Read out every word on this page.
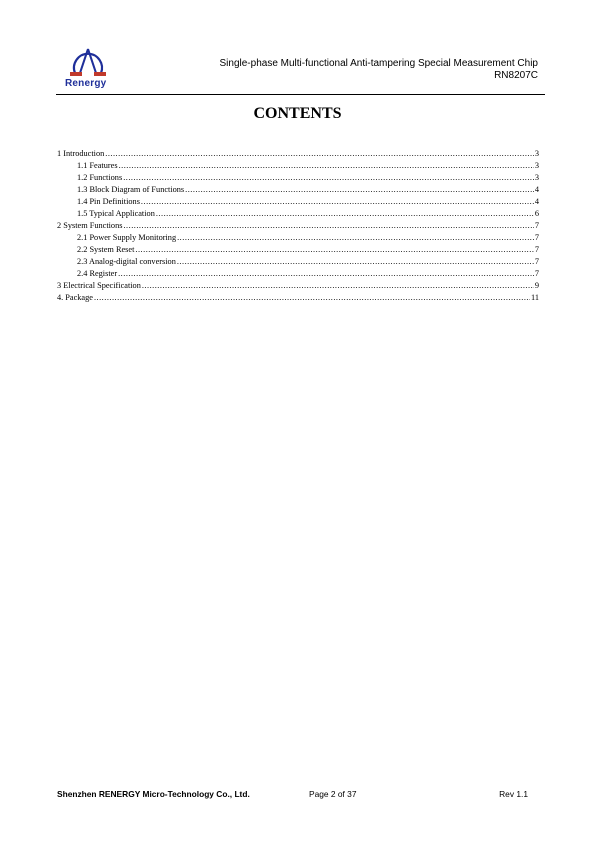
Renergy
Single-phase Multi-functional Anti-tampering Special Measurement Chip
RN8207C
CONTENTS
1 Introduction .....	3
1.1 Features .....	3
1.2 Functions .....	3
1.3 Block Diagram of Functions .....	4
1.4 Pin Definitions .....	4
1.5 Typical Application .....	6
2 System Functions .....	7
2.1 Power Supply Monitoring .....	7
2.2 System Reset .....	7
2.3 Analog-digital conversion .....	7
2.4 Register .....	7
3 Electrical Specification .....	9
4. Package .....	11
Shenzhen RENERGY Micro-Technology Co., Ltd.	Page 2 of 37	Rev 1.1
